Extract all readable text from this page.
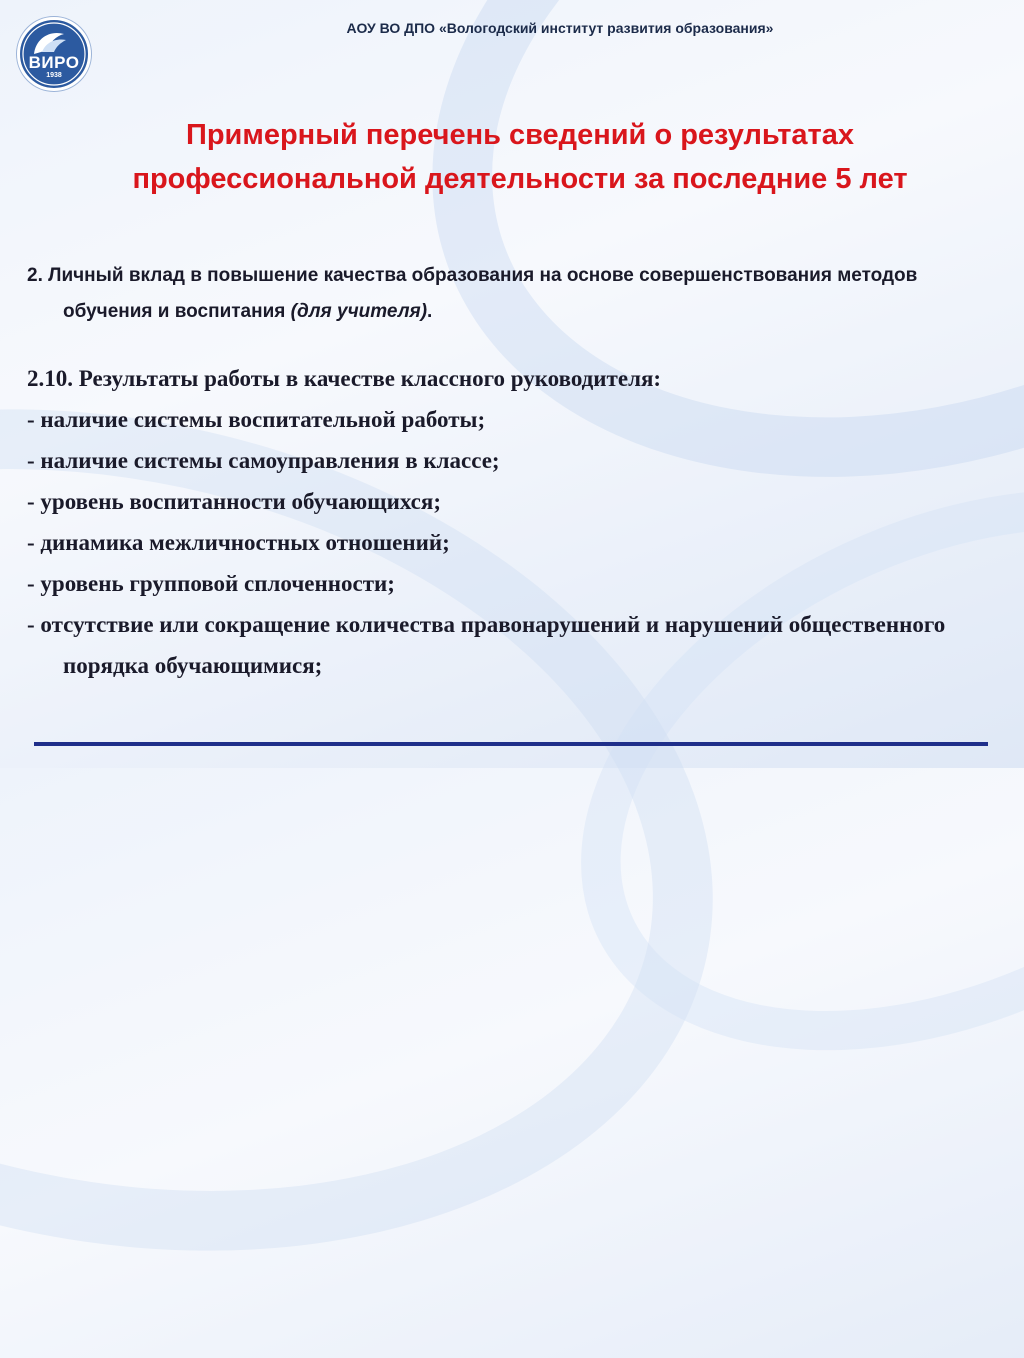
ВИРО
1938
АОУ ВО ДПО «Вологодский институт развития образования»
Примерный перечень сведений о результатах профессиональной деятельности за последние 5 лет
2. Личный вклад в повышение качества образования на основе совершенствования методов обучения и воспитания (для учителя).
2.10. Результаты работы в качестве классного руководителя:
- наличие системы воспитательной работы;
- наличие системы самоуправления в классе;
- уровень воспитанности обучающихся;
- динамика межличностных отношений;
- уровень групповой сплоченности;
- отсутствие или сокращение количества правонарушений и нарушений общественного порядка обучающимися;
